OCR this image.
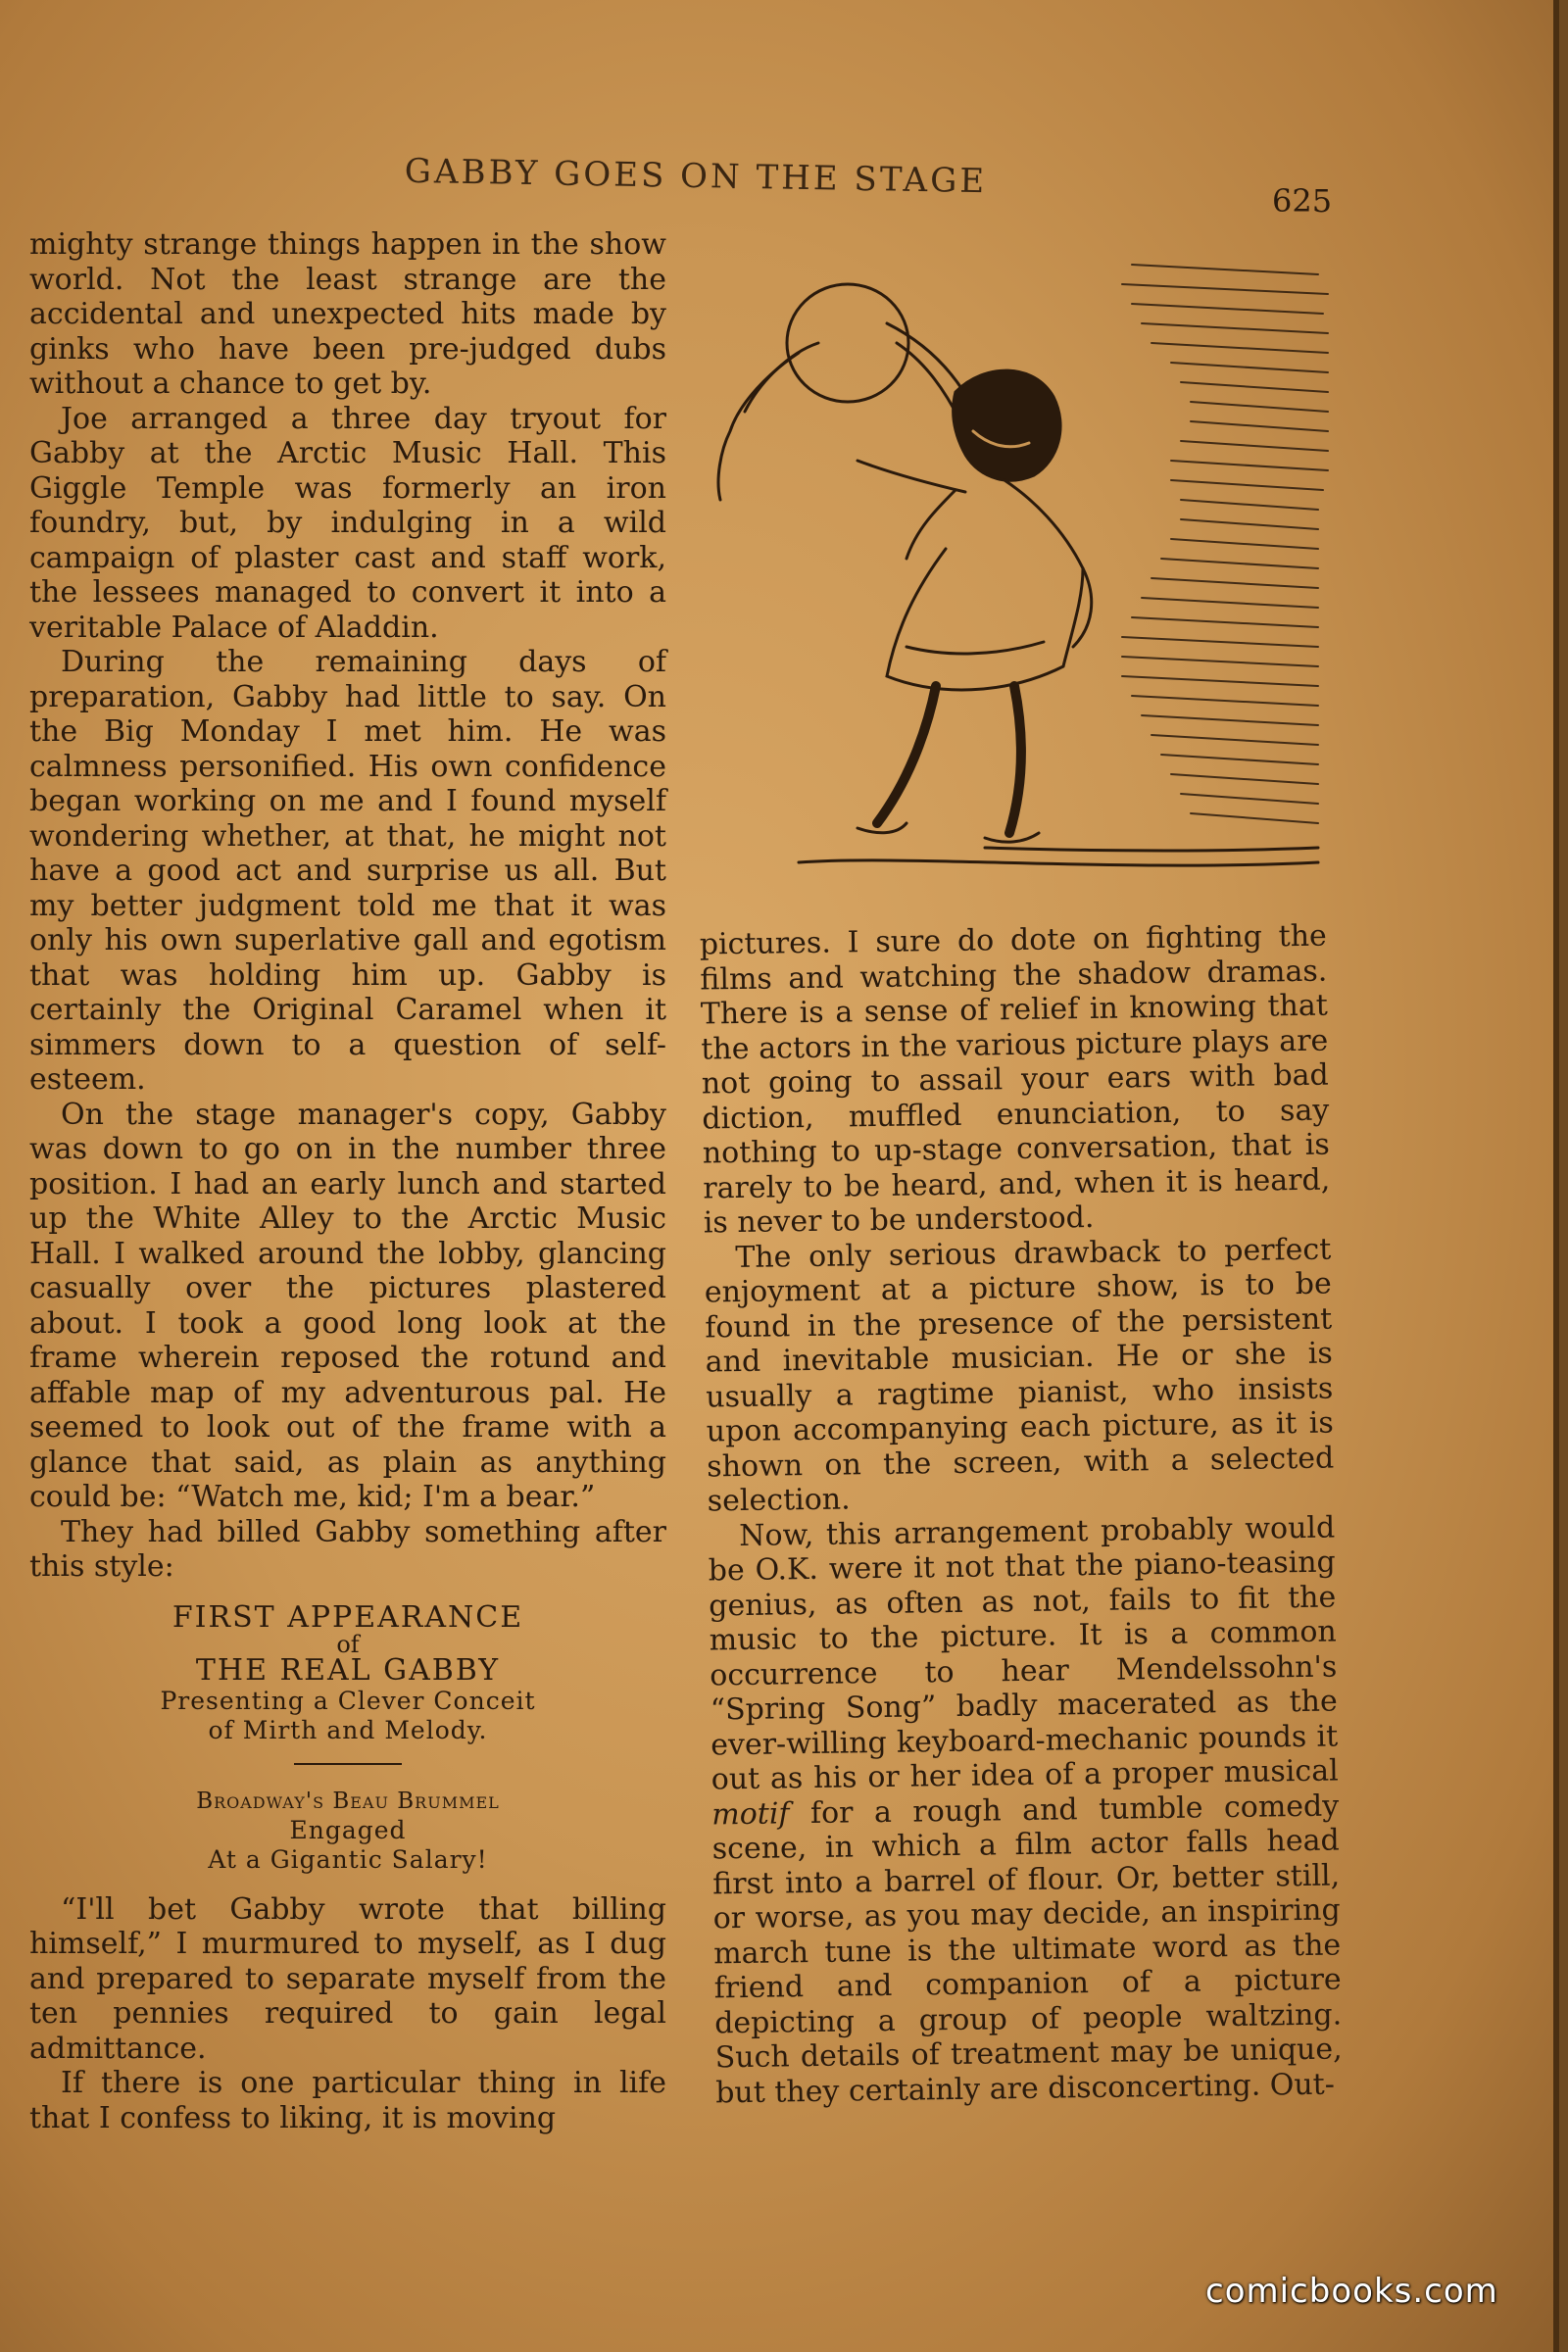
GABBY GOES ON THE STAGE	625

mighty strange things happen in the show world. Not the least strange are the accidental and unexpected hits made by ginks who have been pre-judged dubs without a chance to get by.

Joe arranged a three day tryout for Gabby at the Arctic Music Hall. This Giggle Temple was formerly an iron foundry, but, by indulging in a wild campaign of plaster cast and staff work, the lessees managed to convert it into a veritable Palace of Aladdin.

During the remaining days of preparation, Gabby had little to say. On the Big Monday I met him. He was calmness personified. His own confidence began working on me and I found myself wondering whether, at that, he might not have a good act and surprise us all. But my better judgment told me that it was only his own superlative gall and egotism that was holding him up. Gabby is certainly the Original Caramel when it simmers down to a question of self-esteem.

On the stage manager's copy, Gabby was down to go on in the number three position. I had an early lunch and started up the White Alley to the Arctic Music Hall. I walked around the lobby, glancing casually over the pictures plastered about. I took a good long look at the frame wherein reposed the rotund and affable map of my adventurous pal. He seemed to look out of the frame with a glance that said, as plain as anything could be: “Watch me, kid; I'm a bear.”

They had billed Gabby something after this style:

FIRST APPEARANCE
of
THE REAL GABBY
Presenting a Clever Conceit
of Mirth and Melody.
Broadway's Beau Brummel
Engaged
At a Gigantic Salary!

“I'll bet Gabby wrote that billing himself,” I murmured to myself, as I dug and prepared to separate myself from the ten pennies required to gain legal admittance.

If there is one particular thing in life that I confess to liking, it is moving

pictures. I sure do dote on fighting the films and watching the shadow dramas. There is a sense of relief in knowing that the actors in the various picture plays are not going to assail your ears with bad diction, muffled enunciation, to say nothing to up-stage conversation, that is rarely to be heard, and, when it is heard, is never to be understood.

The only serious drawback to perfect enjoyment at a picture show, is to be found in the presence of the persistent and inevitable musician. He or she is usually a ragtime pianist, who insists upon accompanying each picture, as it is shown on the screen, with a selected selection.

Now, this arrangement probably would be O.K. were it not that the piano-teasing genius, as often as not, fails to fit the music to the picture. It is a common occurrence to hear Mendelssohn's “Spring Song” badly macerated as the ever-willing keyboard-mechanic pounds it out as his or her idea of a proper musical motif for a rough and tumble comedy scene, in which a film actor falls head first into a barrel of flour. Or, better still, or worse, as you may decide, an inspiring march tune is the ultimate word as the friend and companion of a picture depicting a group of people waltzing. Such details of treatment may be unique, but they certainly are disconcerting. Out-

comicbooks.com
